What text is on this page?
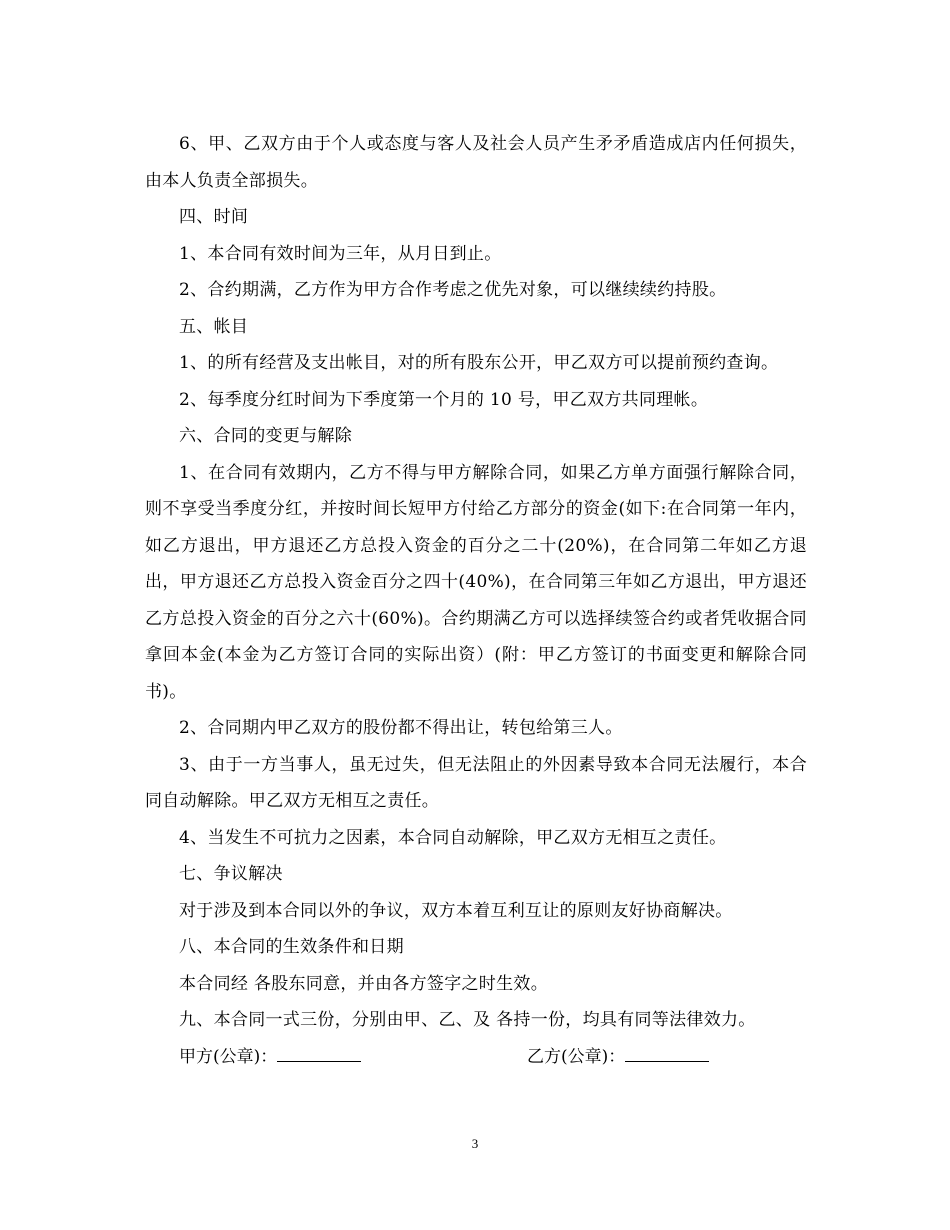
6、甲、乙双方由于个人或态度与客人及社会人员产生矛矛盾造成店内任何损失，由本人负责全部损失。

四、时间

1、本合同有效时间为三年，从月日到止。

2、合约期满，乙方作为甲方合作考虑之优先对象，可以继续续约持股。

五、帐目

1、的所有经营及支出帐目，对的所有股东公开，甲乙双方可以提前预约查询。

2、每季度分红时间为下季度第一个月的 10 号，甲乙双方共同理帐。

六、合同的变更与解除

1、在合同有效期内，乙方不得与甲方解除合同，如果乙方单方面强行解除合同，则不享受当季度分红，并按时间长短甲方付给乙方部分的资金(如下:在合同第一年内，如乙方退出，甲方退还乙方总投入资金的百分之二十(20%)，在合同第二年如乙方退出，甲方退还乙方总投入资金百分之四十(40%)，在合同第三年如乙方退出，甲方退还乙方总投入资金的百分之六十(60%)。合约期满乙方可以选择续签合约或者凭收据合同拿回本金(本金为乙方签订合同的实际出资）(附：甲乙方签订的书面变更和解除合同书)。

2、合同期内甲乙双方的股份都不得出让，转包给第三人。

3、由于一方当事人，虽无过失，但无法阻止的外因素导致本合同无法履行，本合同自动解除。甲乙双方无相互之责任。

4、当发生不可抗力之因素，本合同自动解除，甲乙双方无相互之责任。

七、争议解决

对于涉及到本合同以外的争议，双方本着互利互让的原则友好协商解决。

八、本合同的生效条件和日期

本合同经 各股东同意，并由各方签字之时生效。

九、本合同一式三份，分别由甲、乙、及 各持一份，均具有同等法律效力。

甲方(公章)：	乙方(公章)：
3
